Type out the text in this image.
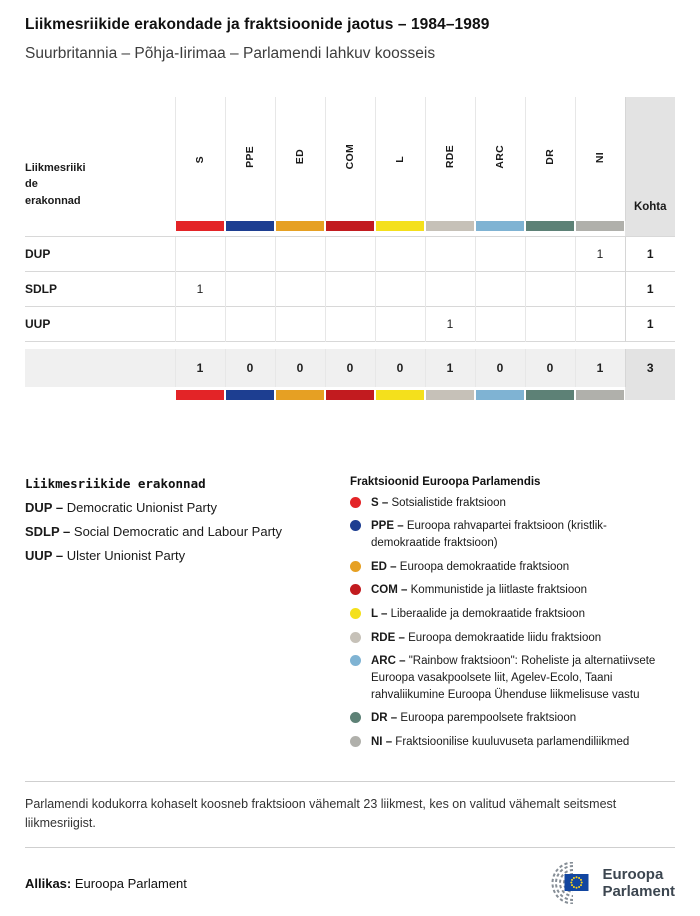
Liikmesriikide erakondade ja fraktsioonide jaotus – 1984–1989
Suurbritannia – Põhja-Iirimaa – Parlamendi lahkuv koosseis
Liikmesriikide erakonnad	S	PPE	ED	COM	L	RDE	ARC	DR	NI	Kohta

DUP									1	1
SDLP	1									1
UUP						1				1

	1	0	0	0	0	1	0	0	1	3

Liikmesriikide erakonnad
DUP – Democratic Unionist Party
SDLP – Social Democratic and Labour Party
UUP – Ulster Unionist Party
Fraktsioonid Euroopa Parlamendis
S – Sotsialistide fraktsioon
PPE – Euroopa rahvapartei fraktsioon (kristlik-demokraatide fraktsioon)
ED – Euroopa demokraatide fraktsioon
COM – Kommunistide ja liitlaste fraktsioon
L – Liberaalide ja demokraatide fraktsioon
RDE – Euroopa demokraatide liidu fraktsioon
ARC – "Rainbow fraktsioon": Roheliste ja alternatiivsete Euroopa vasakpoolsete liit, Agelev-Ecolo, Taani rahvaliikumine Euroopa Ühenduse liikmelisuse vastu
DR – Euroopa parempoolsete fraktsioon
NI – Fraktsioonilise kuuluvuseta parlamendiliikmed

Parlamendi kodukorra kohaselt koosneb fraktsioon vähemalt 23 liikmest, kes on valitud vähemalt seitsmest liikmesriigist.

Allikas: Euroopa Parlament
Euroopa
Parlament
